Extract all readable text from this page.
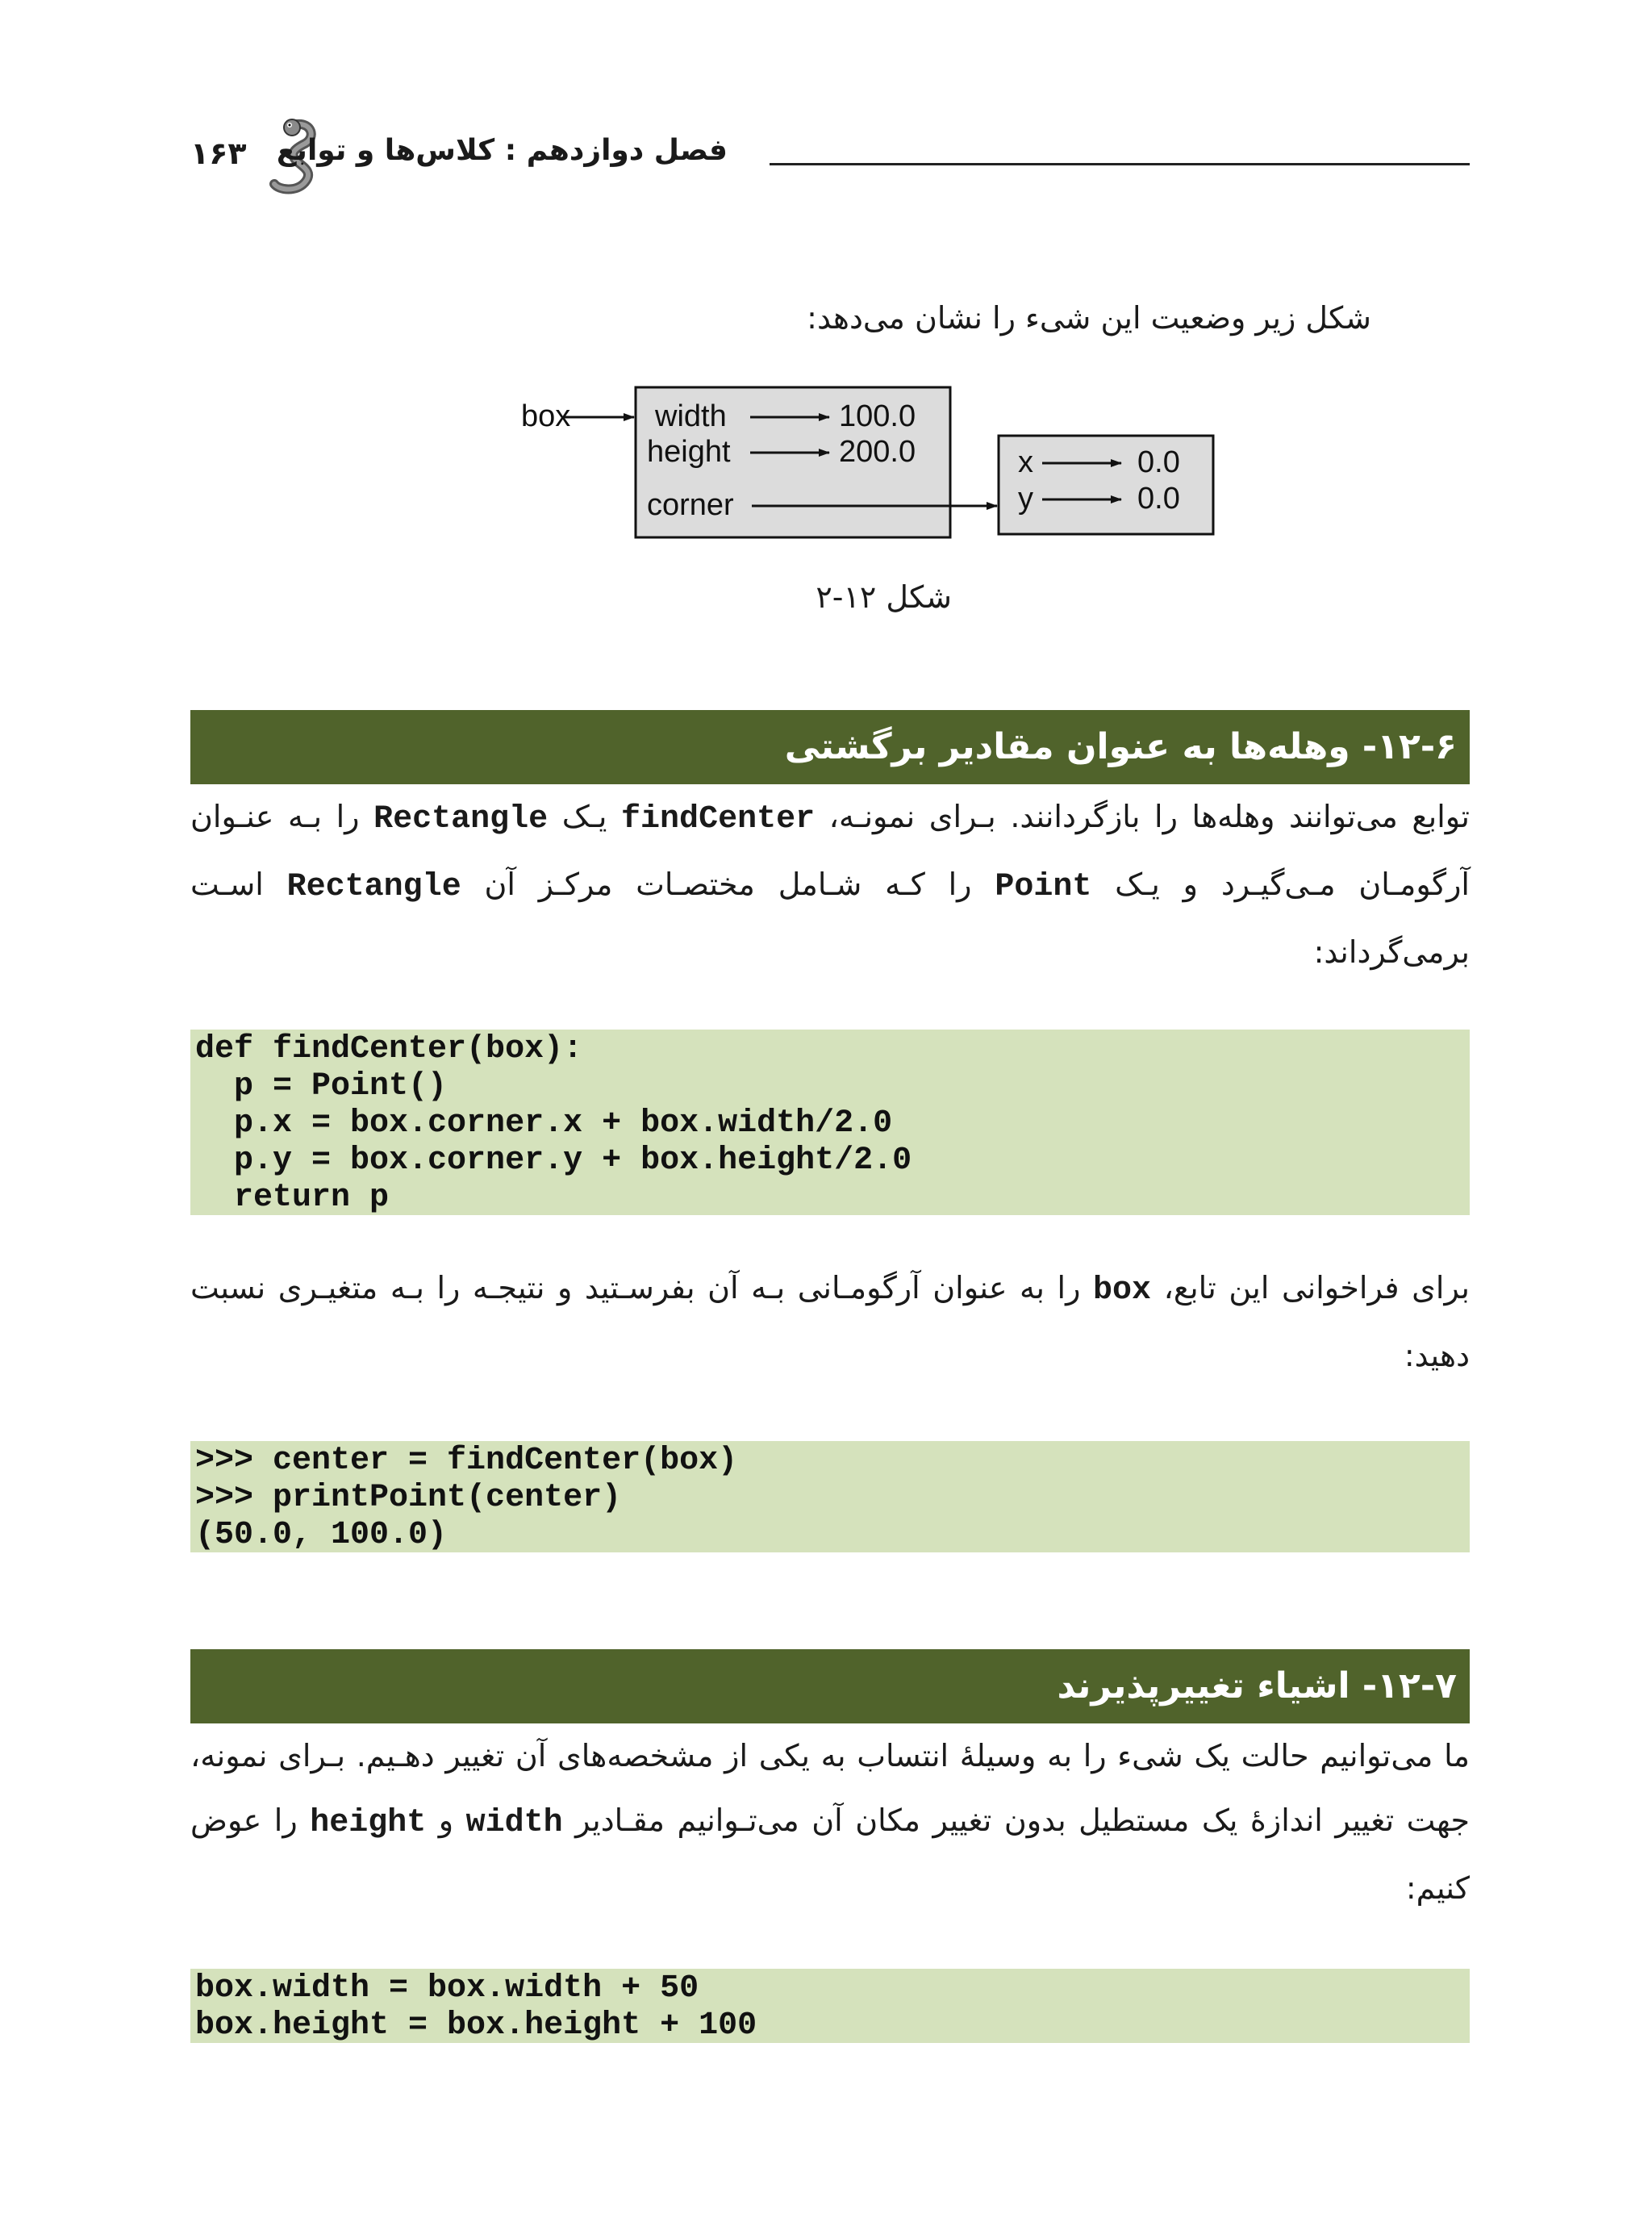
۱۶۳ فصل دوازدهم : کلاس‌ها و توابع
شکل زیر وضعیت این شیء را نشان می‌دهد:
box	width
height
corner
100.0
200.0	x
y
0.0
0.0
شکل ۱۲-۲
۱۲-۶- وهله‌ها به عنوان مقادیر برگشتی
توابع می‌توانند وهله‌ها را بازگردانند. بـرای نمونـه، findCenter یـک Rectangle را بـه عنـوان آرگومـان مـی‌گیـرد و یـک Point را کـه شـامل مختصـات مرکـز آن Rectangle اسـت برمی‌گرداند:
def findCenter(box):
p = Point()
p.x = box.corner.x + box.width/2.0
p.y = box.corner.y + box.height/2.0
return p
برای فراخوانی این تابع، box را به عنوان آرگومـانی بـه آن بفرسـتید و نتیجـه را بـه متغیـری نسبت دهید:
>>> center = findCenter(box)
>>> printPoint(center)
(50.0, 100.0)
۱۲-۷- اشیاء تغییرپذیرند
ما می‌توانیم حالت یک شیء را به وسیلهٔ انتساب به یکی از مشخصه‌های آن تغییر دهـیم. بـرای نمونه، جهت تغییر اندازهٔ یک مستطیل بدون تغییر مکان آن می‌تـوانیم مقـادیر width و height را عوض کنیم:
box.width = box.width + 50
box.height = box.height + 100
